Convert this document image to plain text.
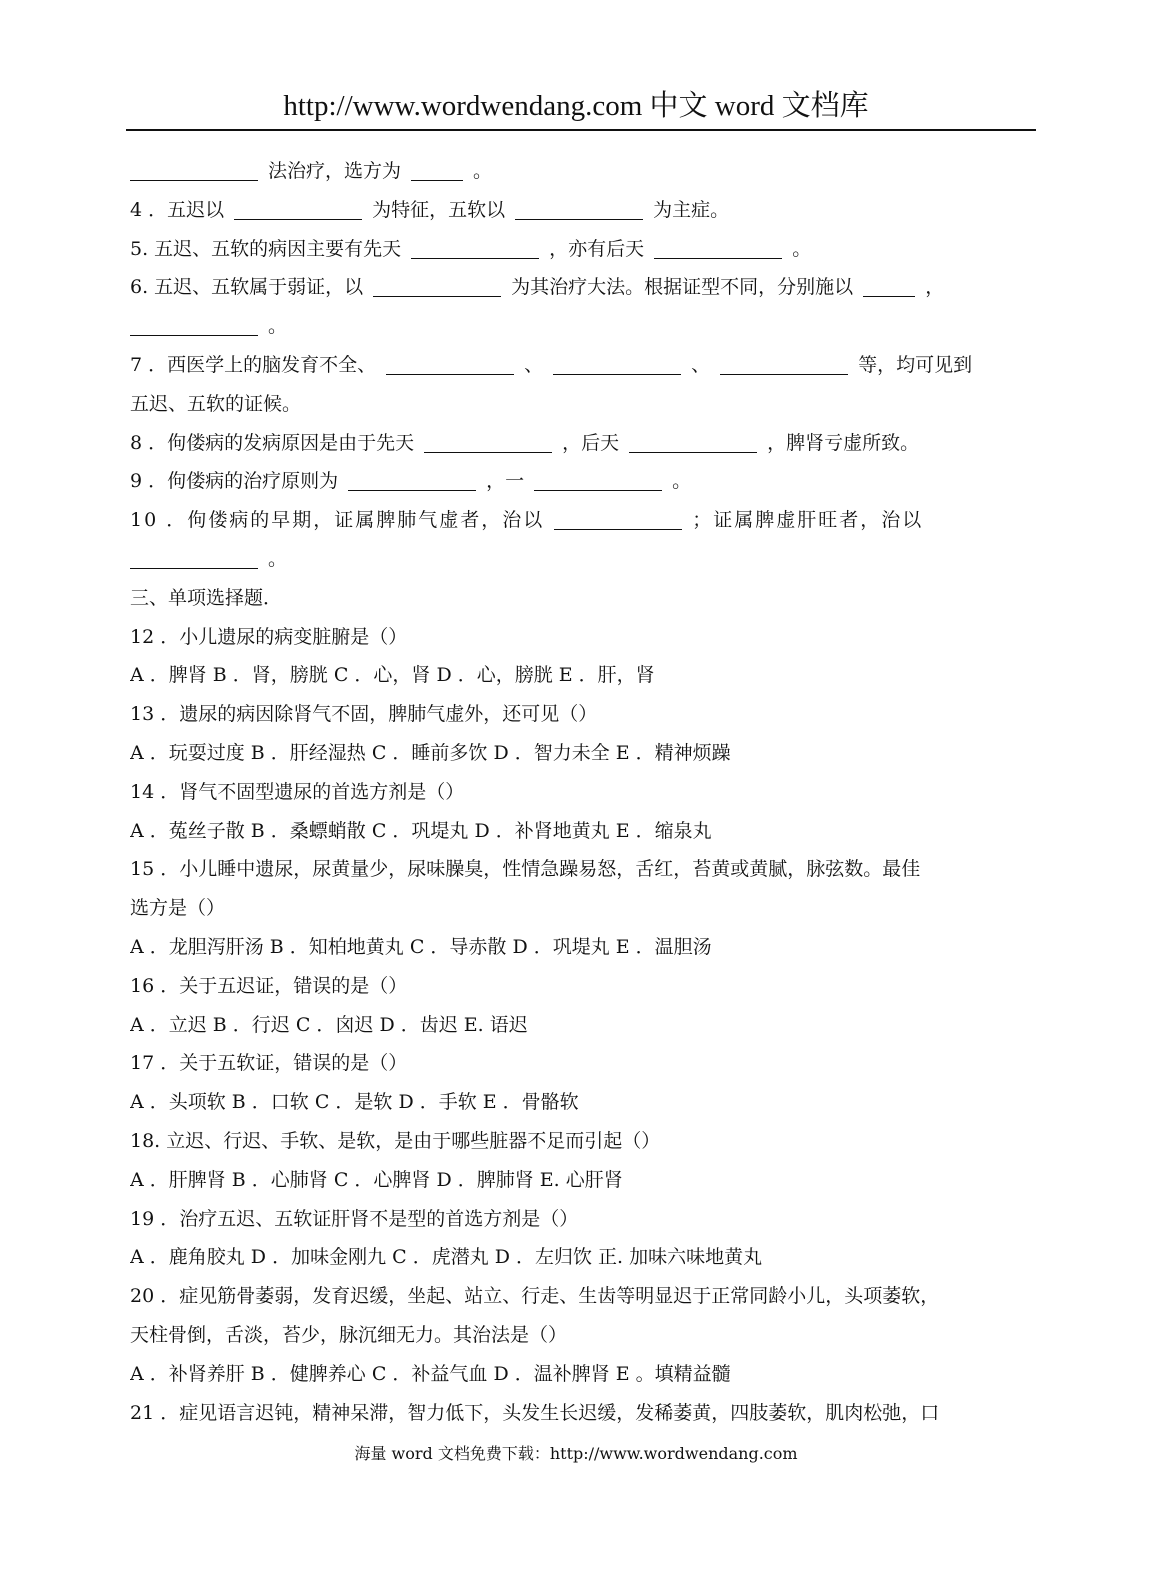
http://www.wordwendang.com 中文 word 文档库
法治疗，选方为	。
4 ．五迟以	为特征，五软以	为主症。
5. 五迟、五软的病因主要有先天	，亦有后天	。
6. 五迟、五软属于弱证，以	为其治疗大法。根据证型不同，分别施以	，
。
7 ．西医学上的脑发育不全、	、	、	等，均可见到
五迟、五软的证候。
8 ．佝偻病的发病原因是由于先天	，后天	，脾肾亏虚所致。
9 ．佝偻病的治疗原则为	，一	。
10 ．佝偻病的早期，证属脾肺气虚者，治以	；证属脾虚肝旺者，治以
。
三、单项选择题．
12 ．小儿遗尿的病变脏腑是（）
A ．脾肾 B ．肾，膀胱 C ．心，肾 D ．心，膀胱 E ．肝，肾
13 ．遗尿的病因除肾气不固，脾肺气虚外，还可见（）
A ．玩耍过度 B ．肝经湿热 C ．睡前多饮 D ．智力未全 E ．精神烦躁
14 ．肾气不固型遗尿的首选方剂是（）
A ．菟丝子散 B ．桑螵蛸散 C ．巩堤丸 D ．补肾地黄丸 E ．缩泉丸
15 ．小儿睡中遗尿，尿黄量少，尿味臊臭，性情急躁易怒，舌红，苔黄或黄腻，脉弦数。最佳
选方是（）
A ．龙胆泻肝汤 B ．知柏地黄丸 C ．导赤散 D ．巩堤丸 E ．温胆汤
16 ．关于五迟证，错误的是（）
A ．立迟 B ．行迟 C ．囟迟 D ．齿迟 E. 语迟
17 ．关于五软证，错误的是（）
A ．头项软 B ．口软 C ．是软 D ．手软 E ．骨骼软
18. 立迟、行迟、手软、是软，是由于哪些脏器不足而引起（）
A ．肝脾肾 B ．心肺肾 C ．心脾肾 D ．脾肺肾 E. 心肝肾
19 ．治疗五迟、五软证肝肾不是型的首选方剂是（）
A ．鹿角胶丸 D ．加味金刚九 C ．虎潜丸 D ．左归饮 正. 加味六味地黄丸
20 ．症见筋骨萎弱，发育迟缓，坐起、站立、行走、生齿等明显迟于正常同龄小儿，头项萎软，
天柱骨倒，舌淡，苔少，脉沉细无力。其治法是（）
A ．补肾养肝 B ．健脾养心 C ．补益气血 D ．温补脾肾 E 。填精益髓
21 ．症见语言迟钝，精神呆滞，智力低下，头发生长迟缓，发稀萎黄，四肢萎软，肌肉松弛，口
海量 word 文档免费下载：http://www.wordwendang.com
